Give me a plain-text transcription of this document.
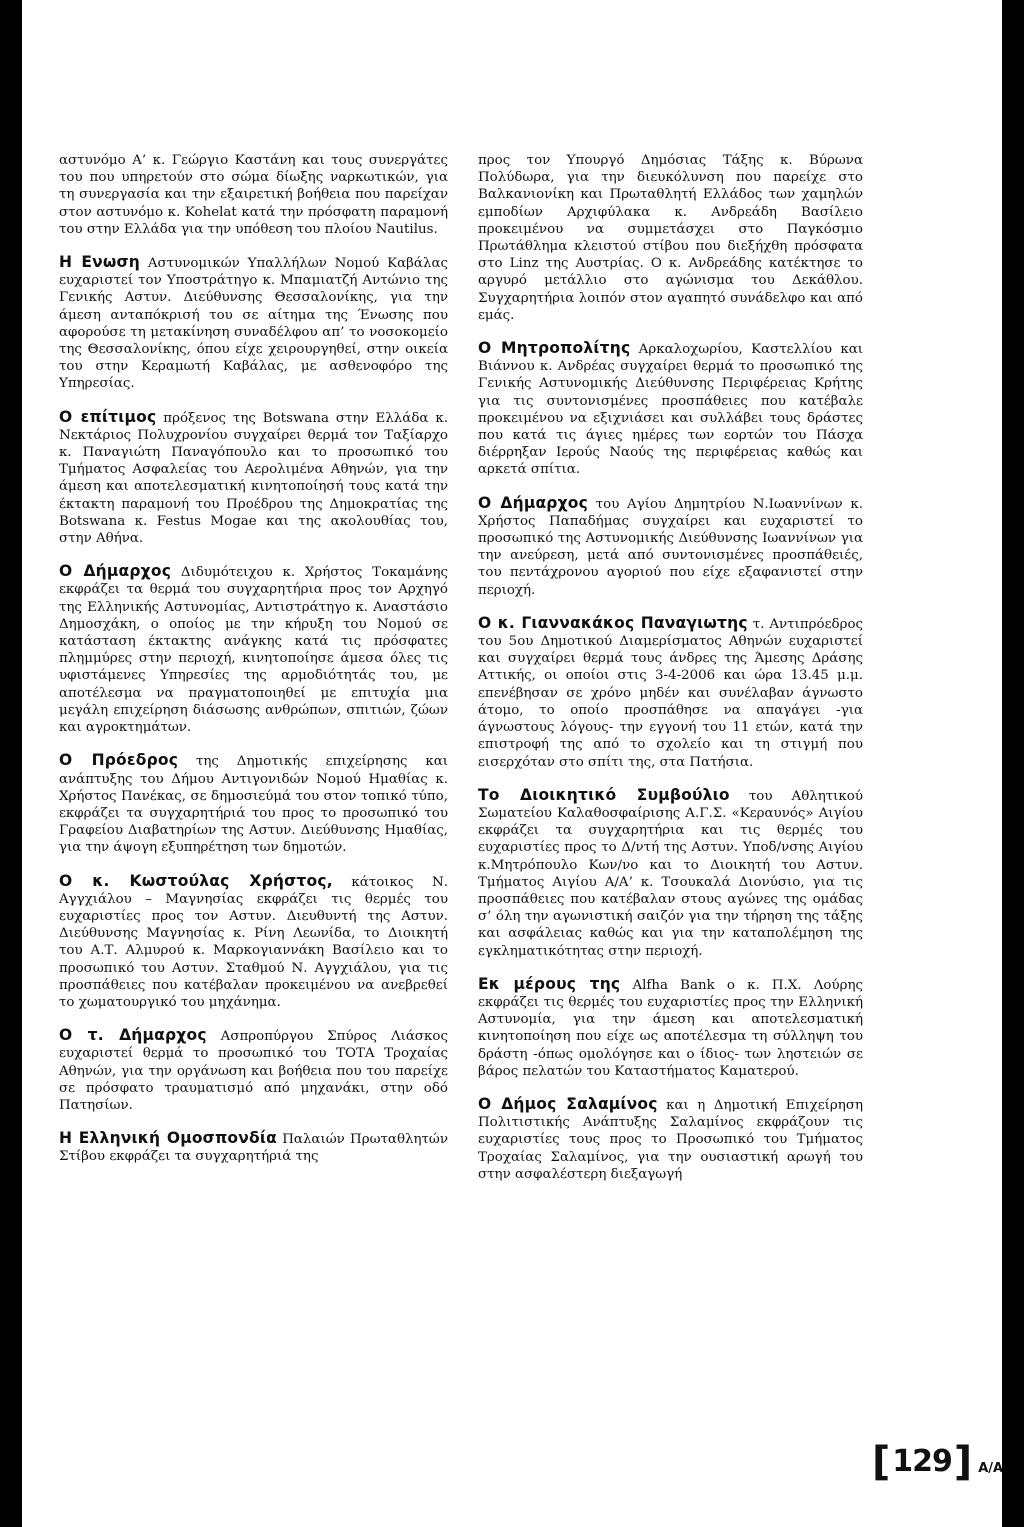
αστυνόμο Α’ κ. Γεώργιο Καστάνη και τους συνεργάτες του που υπηρετούν στο σώμα δίωξης ναρκωτικών, για τη συνεργασία και την εξαιρετική βοήθεια που παρείχαν στον αστυνόμο κ. Kohelat κατά την πρόσφατη παραμονή του στην Ελλάδα για την υπόθεση του πλοίου Nautilus.

Η Ενωση Αστυνομικών Υπαλλήλων Νομού Καβάλας ευχαριστεί τον Υποστράτηγο κ. Μπαμιατζή Αντώνιο της Γενικής Αστυν. Διεύθυνσης Θεσσαλονίκης, για την άμεση ανταπόκρισή του σε αίτημα της Ένωσης που αφορούσε τη μετακίνηση συναδέλφου απ’ το νοσοκομείο της Θεσσαλονίκης, όπου είχε χειρουργηθεί, στην οικεία του στην Κεραμωτή Καβάλας, με ασθενοφόρο της Υπηρεσίας.

Ο επίτιμος πρόξενος της Botswana στην Ελλάδα κ. Νεκτάριος Πολυχρονίου συγχαίρει θερμά τον Ταξίαρχο κ. Παναγιώτη Παναγόπουλο και το προσωπικό του Τμήματος Ασφαλείας του Αερολιμένα Αθηνών, για την άμεση και αποτελεσματική κινητοποίησή τους κατά την έκτακτη παραμονή του Προέδρου της Δημοκρατίας της Botswana κ. Festus Mogae και της ακολουθίας του, στην Αθήνα.

Ο Δήμαρχος Διδυμότειχου κ. Χρήστος Τοκαμάνης εκφράζει τα θερμά του συγχαρητήρια προς τον Αρχηγό της Ελληνικής Αστυνομίας, Αντιστράτηγο κ. Αναστάσιο Δημοσχάκη, ο οποίος με την κήρυξη του Νομού σε κατάσταση έκτακτης ανάγκης κατά τις πρόσφατες πλημμύρες στην περιοχή, κινητοποίησε άμεσα όλες τις υφιστάμενες Υπηρεσίες της αρμοδιότητάς του, με αποτέλεσμα να πραγματοποιηθεί με επιτυχία μια μεγάλη επιχείρηση διάσωσης ανθρώπων, σπιτιών, ζώων και αγροκτημάτων.

Ο Πρόεδρος της Δημοτικής επιχείρησης και ανάπτυξης του Δήμου Αντιγονιδών Νομού Ημαθίας κ. Χρήστος Πανέκας, σε δημοσιεύμά του στον τοπικό τύπο, εκφράζει τα συγχαρητήριά του προς το προσωπικό του Γραφείου Διαβατηρίων της Αστυν. Διεύθυνσης Ημαθίας, για την άψογη εξυπηρέτηση των δημοτών.

Ο κ. Κωστούλας Χρήστος, κάτοικος Ν. Αγγχιάλου – Μαγνησίας εκφράζει τις θερμές του ευχαριστίες προς τον Αστυν. Διευθυντή της Αστυν. Διεύθυνσης Μαγνησίας κ. Ρίνη Λεωνίδα, το Διοικητή του Α.Τ. Αλμυρού κ. Μαρκογιαννάκη Βασίλειο και το προσωπικό του Αστυν. Σταθμού Ν. Αγγχιάλου, για τις προσπάθειες που κατέβαλαν προκειμένου να ανεβρεθεί το χωματουργικό του μηχάνημα.

Ο τ. Δήμαρχος Ασπροπύργου Σπύρος Λιάσκος ευχαριστεί θερμά το προσωπικό του ΤΟΤΑ Τροχαίας Αθηνών, για την οργάνωση και βοήθεια που του παρείχε σε πρόσφατο τραυματισμό από μηχανάκι, στην οδό Πατησίων.

Η Ελληνική Ομοσπονδία Παλαιών Πρωταθλητών Στίβου εκφράζει τα συγχαρητήριά της

προς τον Υπουργό Δημόσιας Τάξης κ. Βύρωνα Πολύδωρα, για την διευκόλυνση που παρείχε στο Βαλκανιονίκη και Πρωταθλητή Ελλάδος των χαμηλών εμποδίων Αρχιφύλακα κ. Ανδρεάδη Βασίλειο προκειμένου να συμμετάσχει στο Παγκόσμιο Πρωτάθλημα κλειστού στίβου που διεξήχθη πρόσφατα στο Linz της Αυστρίας. Ο κ. Ανδρεάδης κατέκτησε το αργυρό μετάλλιο στο αγώνισμα του Δεκάθλου. Συγχαρητήρια λοιπόν στον αγαπητό συνάδελφο και από εμάς.

Ο Μητροπολίτης Αρκαλοχωρίου, Καστελλίου και Βιάννου κ. Ανδρέας συγχαίρει θερμά το προσωπικό της Γενικής Αστυνομικής Διεύθυνσης Περιφέρειας Κρήτης για τις συντονισμένες προσπάθειες που κατέβαλε προκειμένου να εξιχνιάσει και συλλάβει τους δράστες που κατά τις άγιες ημέρες των εορτών του Πάσχα διέρρηξαν Ιερούς Ναούς της περιφέρειας καθώς και αρκετά σπίτια.

Ο Δήμαρχος του Αγίου Δημητρίου Ν.Ιωαννίνων κ. Χρήστος Παπαδήμας συγχαίρει και ευχαριστεί το προσωπικό της Αστυνομικής Διεύθυνσης Ιωαννίνων για την ανεύρεση, μετά από συντονισμένες προσπάθειές, του πεντάχρονου αγοριού που είχε εξαφανιστεί στην περιοχή.

Ο κ. Γιαννακάκος Παναγιωτης τ. Αντιπρόεδρος του 5ου Δημοτικού Διαμερίσματος Αθηνών ευχαριστεί και συγχαίρει θερμά τους άνδρες της Άμεσης Δράσης Αττικής, οι οποίοι στις 3-4-2006 και ώρα 13.45 μ.μ. επενέβησαν σε χρόνο μηδέν και συνέλαβαν άγνωστο άτομο, το οποίο προσπάθησε να απαγάγει -για άγνωστους λόγους- την εγγονή του 11 ετών, κατά την επιστροφή της από το σχολείο και τη στιγμή που εισερχόταν στο σπίτι της, στα Πατήσια.

Το Διοικητικό Συμβούλιο του Αθλητικού Σωματείου Καλαθοσφαίρισης Α.Γ.Σ. «Κεραυνός» Αιγίου εκφράζει τα συγχαρητήρια και τις θερμές του ευχαριστίες προς το Δ/ντή της Αστυν. Υποδ/νσης Αιγίου κ.Μητρόπουλο Κων/νο και το Διοικητή του Αστυν. Τμήματος Αιγίου Α/Α’ κ. Τσουκαλά Διονύσιο, για τις προσπάθειες που κατέβαλαν στους αγώνες της ομάδας σ’ όλη την αγωνιστική σαιζόν για την τήρηση της τάξης και ασφάλειας καθώς και για την καταπολέμηση της εγκληματικότητας στην περιοχή.

Εκ μέρους της Alfha Bank ο κ. Π.Χ. Λούρης εκφράζει τις θερμές του ευχαριστίες προς την Ελληνική Αστυνομία, για την άμεση και αποτελεσματική κινητοποίηση που είχε ως αποτέλεσμα τη σύλληψη του δράστη -όπως ομολόγησε και ο ίδιος- των ληστειών σε βάρος πελατών του Καταστήματος Καματερού.

Ο Δήμος Σαλαμίνος και η Δημοτική Επιχείρηση Πολιτιστικής Ανάπτυξης Σαλαμίνος εκφράζουν τις ευχαριστίες τους προς το Προσωπικό του Τμήματος Τροχαίας Σαλαμίνος, για την ουσιαστική αρωγή του στην ασφαλέστερη διεξαγωγή

[ 129 ] A/A
